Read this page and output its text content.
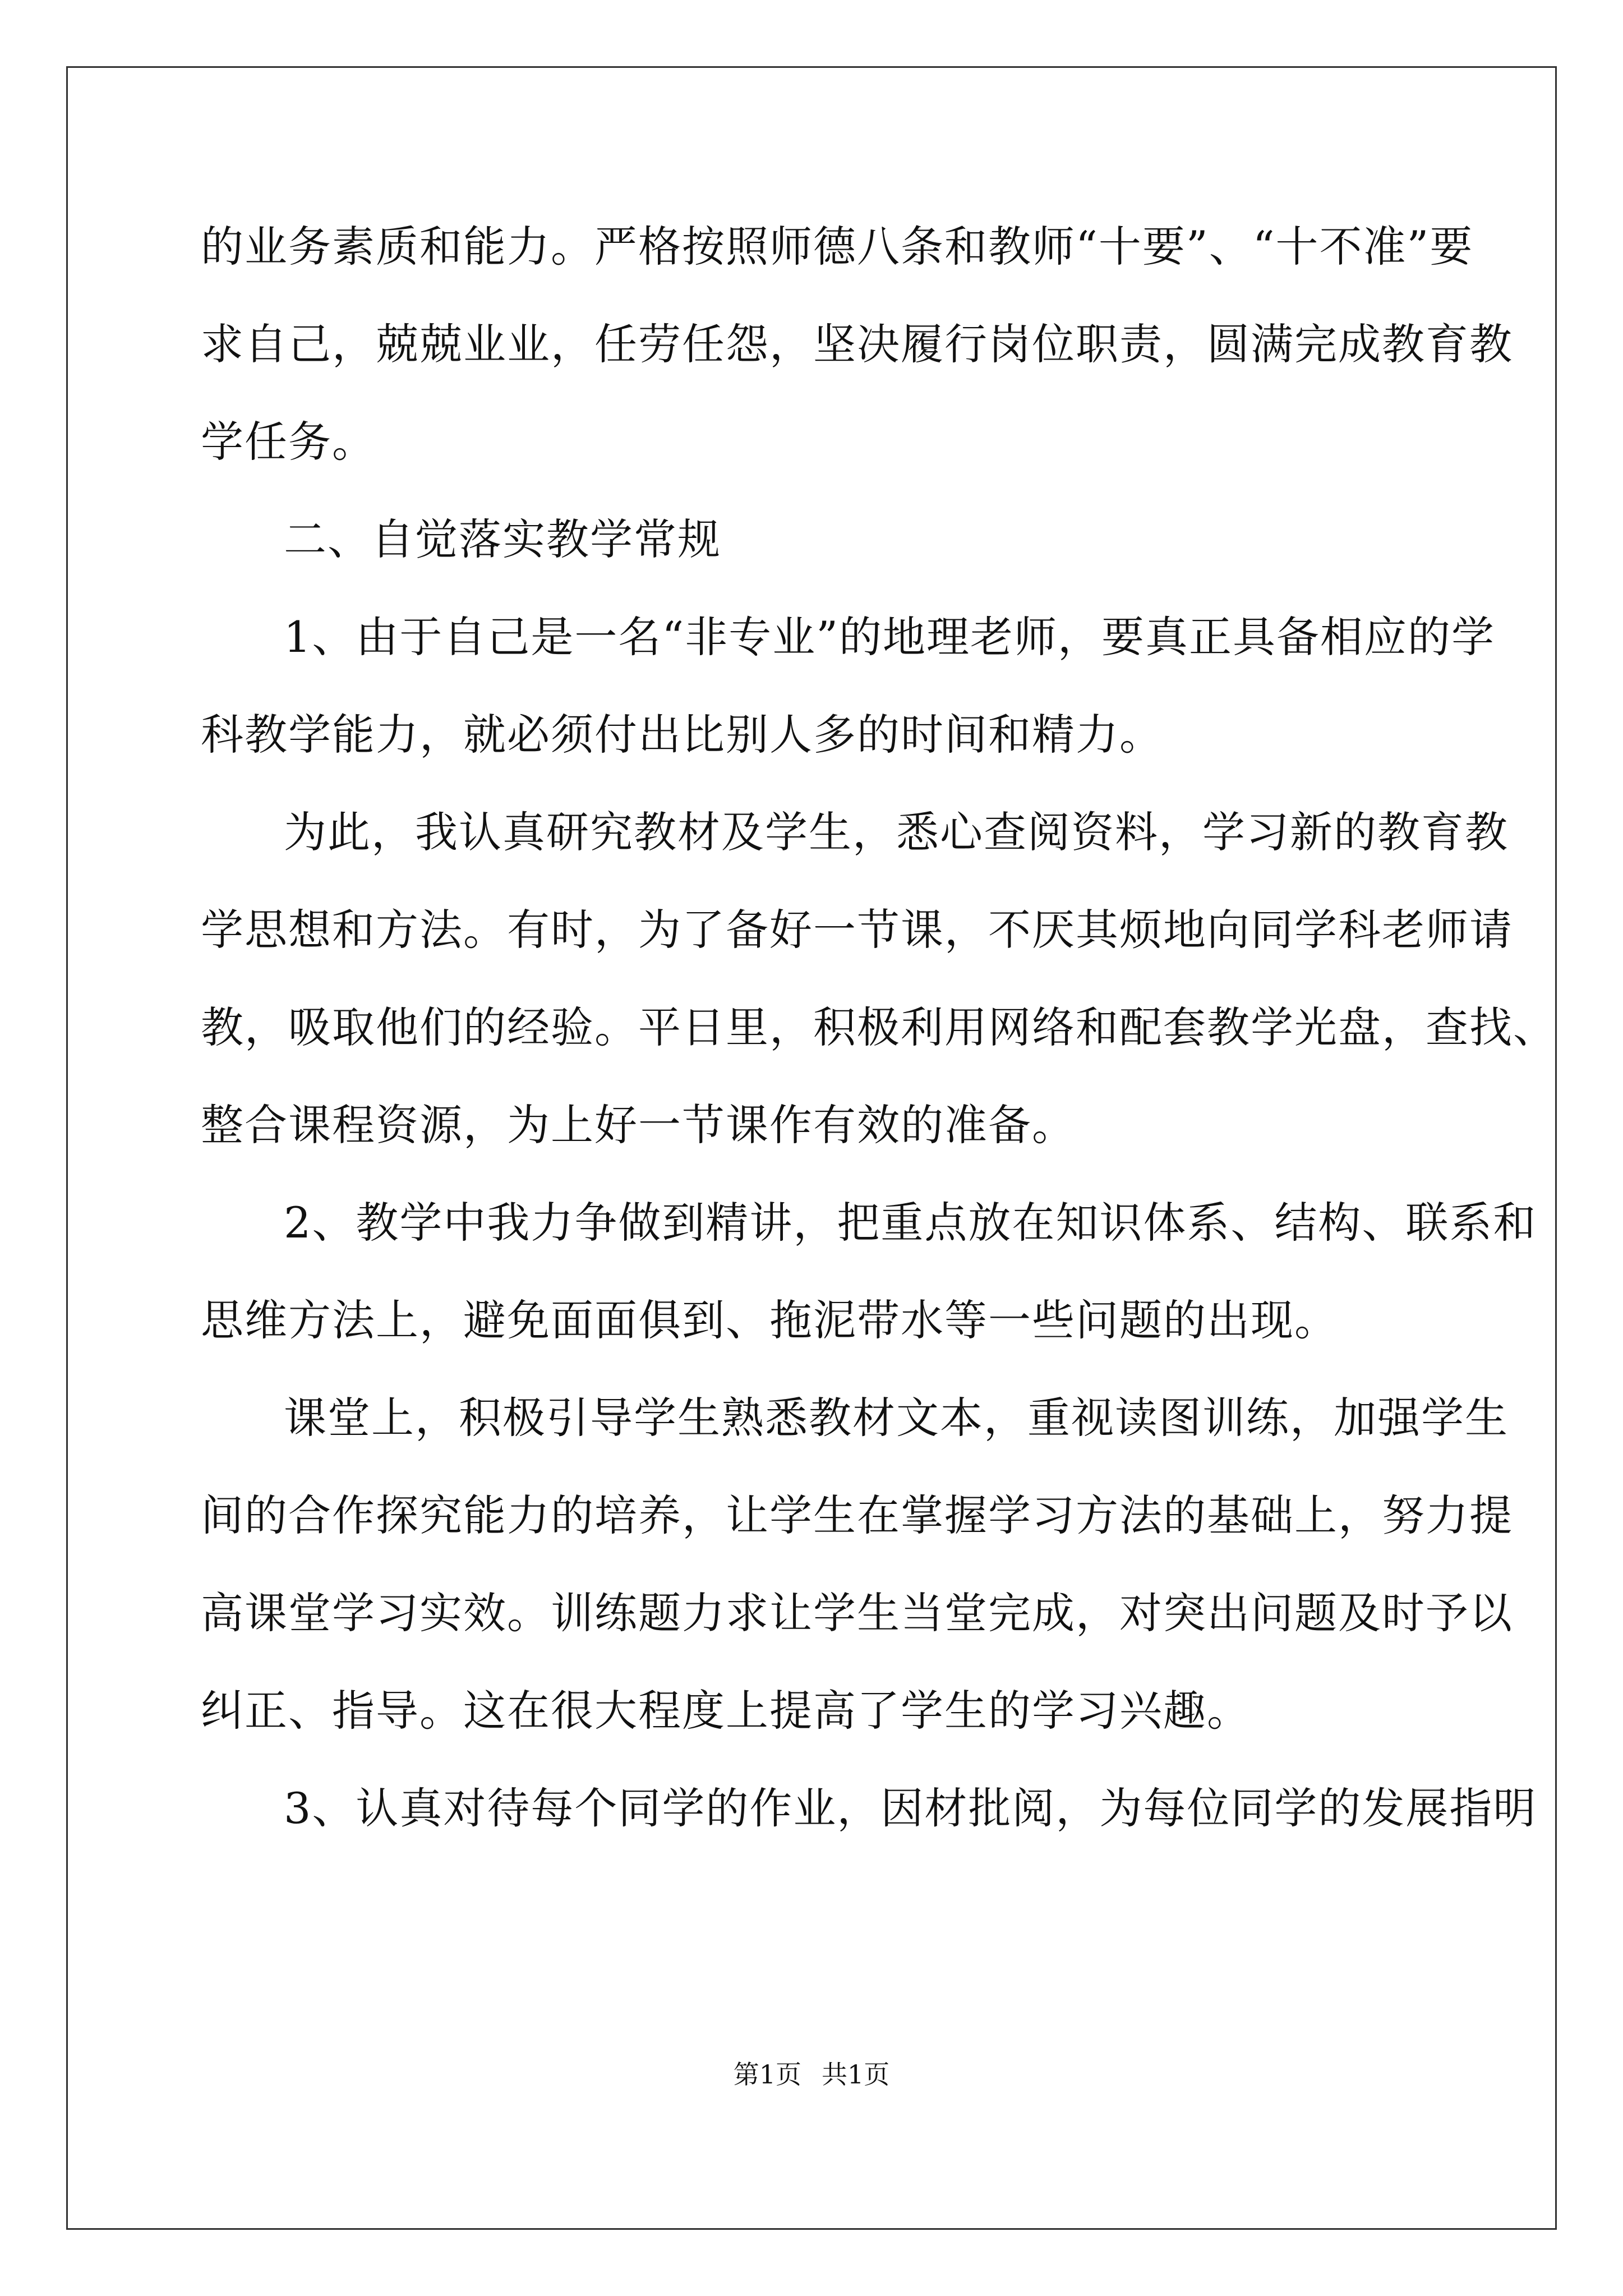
的业务素质和能力。严格按照师德八条和教师“十要”、“十不准”要
求自己，兢兢业业，任劳任怨，坚决履行岗位职责，圆满完成教育教
学任务。
二、自觉落实教学常规
1、由于自己是一名“非专业”的地理老师，要真正具备相应的学
科教学能力，就必须付出比别人多的时间和精力。
为此，我认真研究教材及学生，悉心查阅资料，学习新的教育教
学思想和方法。有时，为了备好一节课，不厌其烦地向同学科老师请
教，吸取他们的经验。平日里，积极利用网络和配套教学光盘，查找、
整合课程资源，为上好一节课作有效的准备。
2、教学中我力争做到精讲，把重点放在知识体系、结构、联系和
思维方法上，避免面面俱到、拖泥带水等一些问题的出现。
课堂上，积极引导学生熟悉教材文本，重视读图训练，加强学生
间的合作探究能力的培养，让学生在掌握学习方法的基础上，努力提
高课堂学习实效。训练题力求让学生当堂完成，对突出问题及时予以
纠正、指导。这在很大程度上提高了学生的学习兴趣。
3、认真对待每个同学的作业，因材批阅，为每位同学的发展指明
第1页 共1页
